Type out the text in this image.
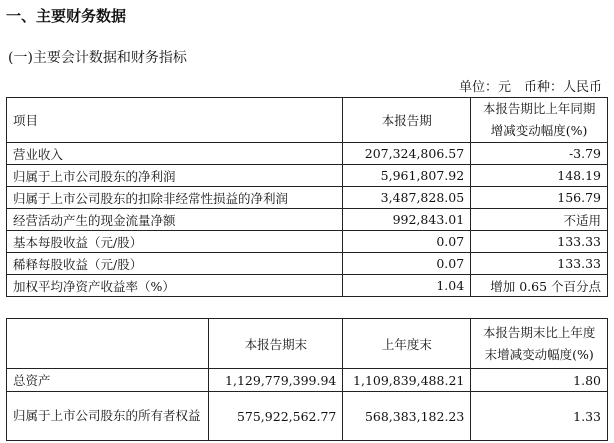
一、主要财务数据
(一)主要会计数据和财务指标
单位：元　币种：人民币
项目	本报告期	本报告期比上年同期增减变动幅度(%)
营业收入	207,324,806.57	-3.79
归属于上市公司股东的净利润	5,961,807.92	148.19
归属于上市公司股东的扣除非经常性损益的净利润	3,487,828.05	156.79
经营活动产生的现金流量净额	992,843.01	不适用
基本每股收益（元/股）	0.07	133.33
稀释每股收益（元/股）	0.07	133.33
加权平均净资产收益率（%）	1.04	增加 0.65 个百分点
	本报告期末	上年度末	本报告期末比上年度末增减变动幅度(%)
总资产	1,129,779,399.94	1,109,839,488.21	1.80
归属于上市公司股东的所有者权益	575,922,562.77	568,383,182.23	1.33
